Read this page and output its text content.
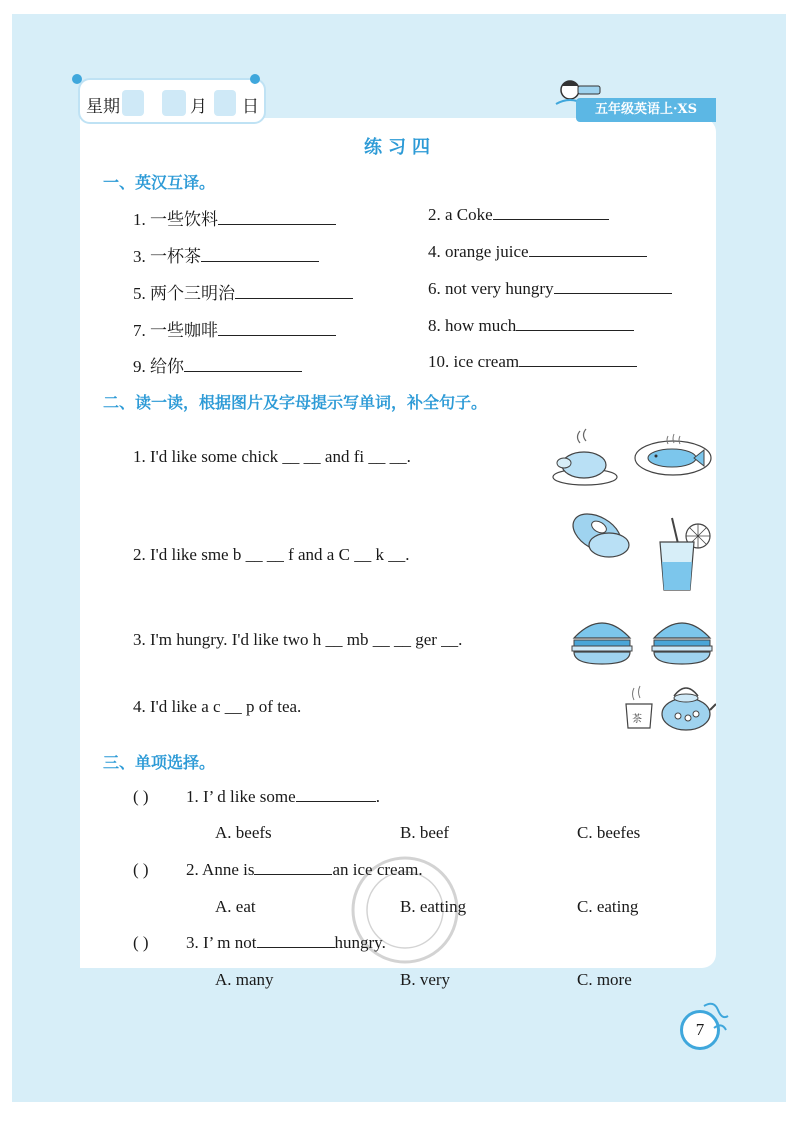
星期	月 日	五年级英语上·XS
练习四
一、英汉互译。
1. 一些饮料	2. a Coke
3. 一杯茶	4. orange juice
5. 两个三明治	6. not very hungry
7. 一些咖啡	8. how much
9. 给你	10. ice cream
二、读一读，根据图片及字母提示写单词，补全句子。
1. I'd like some chick __ __ and fi __ __.
2. I'd like sme b __ __ f and a C __ k __.
3. I'm hungry. I'd like two h __ mb __ __ ger __.
4. I'd like a c __ p of tea.
茶
三、单项选择。
( ) 1. I’ d like some	.
A. beefs	B. beef	C. beefes
( ) 2. Anne is	an ice cream.
A. eat	B. eatting	C. eating
( ) 3. I’ m not	hungry.
A. many	B. very	C. more
7
